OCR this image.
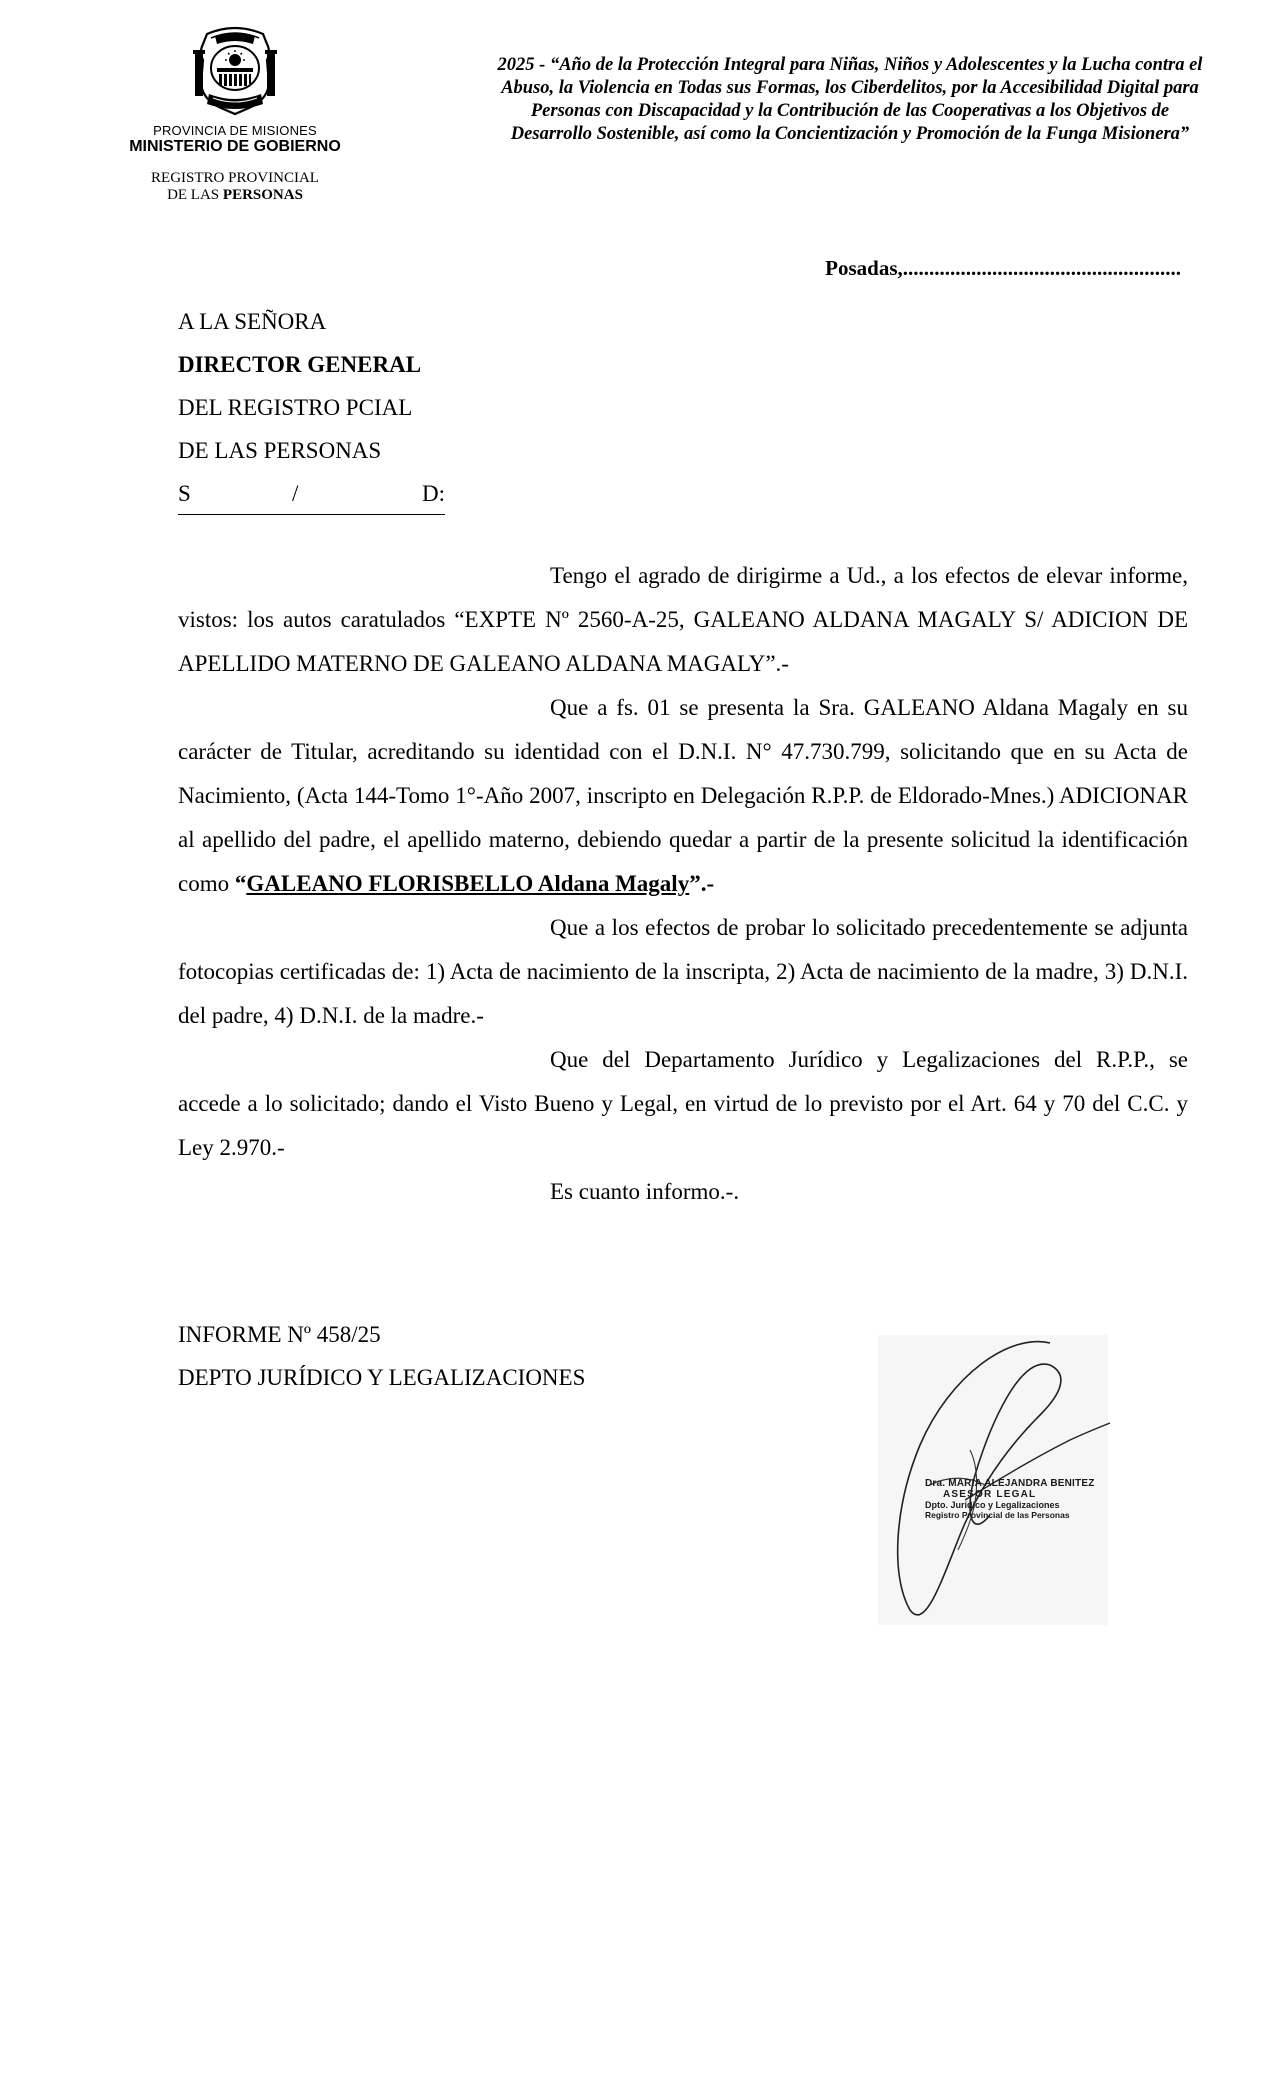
PROVINCIA DE MISIONES
MINISTERIO DE GOBIERNO
REGISTRO PROVINCIAL
DE LAS PERSONAS
2025 - “Año de la Protección Integral para Niñas, Niños y Adolescentes y la Lucha contra el Abuso, la Violencia en Todas sus Formas, los Ciberdelitos, por la Accesibilidad Digital para Personas con Discapacidad y la Contribución de las Cooperativas a los Objetivos de Desarrollo Sostenible, así como la Concientización y Promoción de la Funga Misionera”
Posadas,.....................................................
A LA SEÑORA
DIRECTOR GENERAL
DEL REGISTRO PCIAL
DE LAS PERSONAS
S	/	D:

Tengo el agrado de dirigirme a Ud., a los efectos de elevar informe, vistos: los autos caratulados “EXPTE Nº 2560-A-25, GALEANO ALDANA MAGALY S/ ADICION DE APELLIDO MATERNO DE GALEANO ALDANA MAGALY”.-

Que a fs. 01 se presenta la Sra. GALEANO Aldana Magaly en su carácter de Titular, acreditando su identidad con el D.N.I. N° 47.730.799, solicitando que en su Acta de Nacimiento, (Acta 144-Tomo 1°-Año 2007, inscripto en Delegación R.P.P. de Eldorado-Mnes.) ADICIONAR al apellido del padre, el apellido materno, debiendo quedar a partir de la presente solicitud la identificación como “GALEANO FLORISBELLO Aldana Magaly”.-

Que a los efectos de probar lo solicitado precedentemente se adjunta fotocopias certificadas de: 1) Acta de nacimiento de la inscripta, 2) Acta de nacimiento de la madre, 3) D.N.I. del padre, 4) D.N.I. de la madre.-

Que del Departamento Jurídico y Legalizaciones del R.P.P., se accede a lo solicitado; dando el Visto Bueno y Legal, en virtud de lo previsto por el Art. 64 y 70 del C.C. y Ley 2.970.-

Es cuanto informo.-.

INFORME Nº 458/25
DEPTO JURÍDICO Y LEGALIZACIONES
Dra. MARIA ALEJANDRA BENITEZ
ASESOR LEGAL
Dpto. Jurídico y Legalizaciones
Registro Provincial de las Personas
